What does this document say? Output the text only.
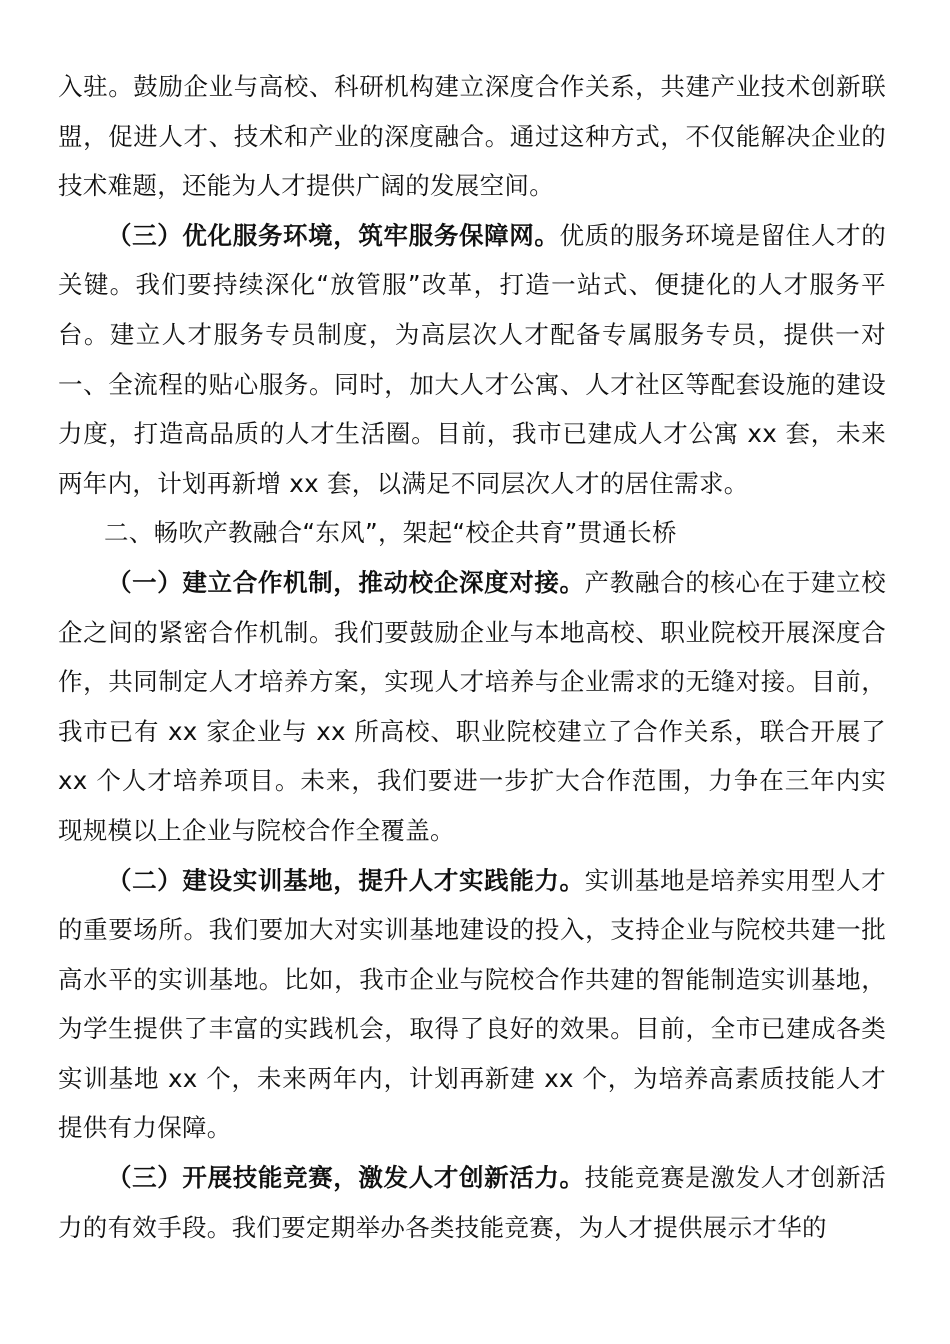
入驻。鼓励企业与高校、科研机构建立深度合作关系，共建产业技术创新联盟，促进人才、技术和产业的深度融合。通过这种方式，不仅能解决企业的技术难题，还能为人才提供广阔的发展空间。

（三）优化服务环境，筑牢服务保障网。优质的服务环境是留住人才的关键。我们要持续深化“放管服”改革，打造一站式、便捷化的人才服务平台。建立人才服务专员制度，为高层次人才配备专属服务专员，提供一对一、全流程的贴心服务。同时，加大人才公寓、人才社区等配套设施的建设力度，打造高品质的人才生活圈。目前，我市已建成人才公寓 xx 套，未来两年内，计划再新增 xx 套，以满足不同层次人才的居住需求。

二、畅吹产教融合“东风”，架起“校企共育”贯通长桥

（一）建立合作机制，推动校企深度对接。产教融合的核心在于建立校企之间的紧密合作机制。我们要鼓励企业与本地高校、职业院校开展深度合作，共同制定人才培养方案，实现人才培养与企业需求的无缝对接。目前，我市已有 xx 家企业与 xx 所高校、职业院校建立了合作关系，联合开展了 xx 个人才培养项目。未来，我们要进一步扩大合作范围，力争在三年内实现规模以上企业与院校合作全覆盖。

（二）建设实训基地，提升人才实践能力。实训基地是培养实用型人才的重要场所。我们要加大对实训基地建设的投入，支持企业与院校共建一批高水平的实训基地。比如，我市企业与院校合作共建的智能制造实训基地，为学生提供了丰富的实践机会，取得了良好的效果。目前，全市已建成各类实训基地 xx 个，未来两年内，计划再新建 xx 个，为培养高素质技能人才提供有力保障。

（三）开展技能竞赛，激发人才创新活力。技能竞赛是激发人才创新活力的有效手段。我们要定期举办各类技能竞赛，为人才提供展示才华的
